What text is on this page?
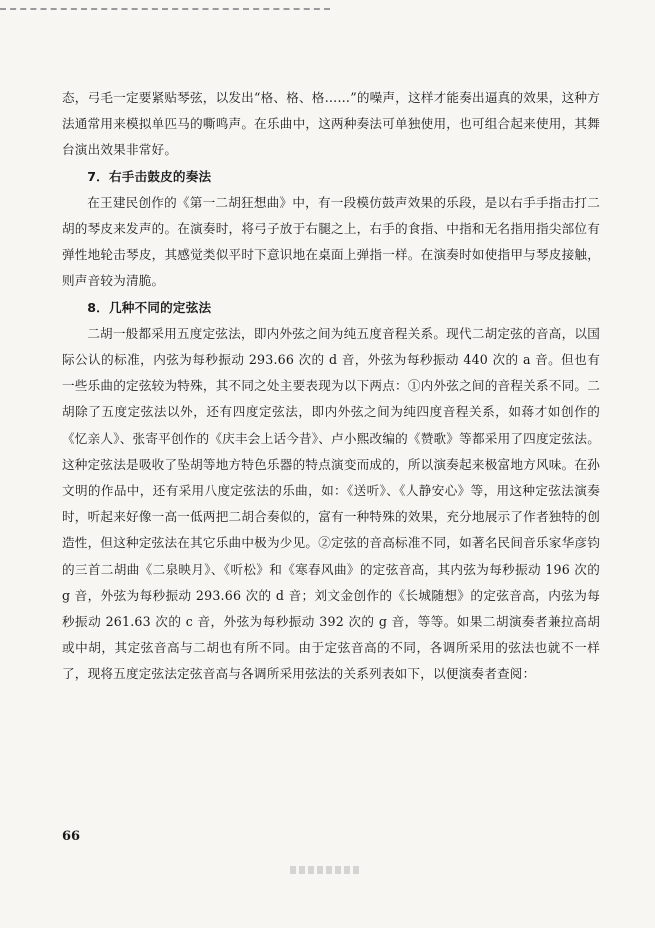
态，弓毛一定要紧贴琴弦，以发出“格、格、格……”的噪声，这样才能奏出逼真的效果，这种方法通常用来模拟单匹马的嘶鸣声。在乐曲中，这两种奏法可单独使用，也可组合起来使用，其舞台演出效果非常好。

7．右手击鼓皮的奏法

在王建民创作的《第一二胡狂想曲》中，有一段模仿鼓声效果的乐段，是以右手手指击打二胡的琴皮来发声的。在演奏时，将弓子放于右腿之上，右手的食指、中指和无名指用指尖部位有弹性地轮击琴皮，其感觉类似平时下意识地在桌面上弹指一样。在演奏时如使指甲与琴皮接触，则声音较为清脆。

8．几种不同的定弦法

二胡一般都采用五度定弦法，即内外弦之间为纯五度音程关系。现代二胡定弦的音高，以国际公认的标准，内弦为每秒振动 293.66 次的 d 音，外弦为每秒振动 440 次的 a 音。但也有一些乐曲的定弦较为特殊，其不同之处主要表现为以下两点：①内外弦之间的音程关系不同。二胡除了五度定弦法以外，还有四度定弦法，即内外弦之间为纯四度音程关系，如蒋才如创作的《忆亲人》、张寄平创作的《庆丰会上话今昔》、卢小熙改编的《赞歌》等都采用了四度定弦法。这种定弦法是吸收了坠胡等地方特色乐器的特点演变而成的，所以演奏起来极富地方风味。在孙文明的作品中，还有采用八度定弦法的乐曲，如：《送听》、《人静安心》等，用这种定弦法演奏时，听起来好像一高一低两把二胡合奏似的，富有一种特殊的效果，充分地展示了作者独特的创造性，但这种定弦法在其它乐曲中极为少见。②定弦的音高标准不同，如著名民间音乐家华彦钧的三首二胡曲《二泉映月》、《听松》和《寒春风曲》的定弦音高，其内弦为每秒振动 196 次的 g 音，外弦为每秒振动 293.66 次的 d 音；刘文金创作的《长城随想》的定弦音高，内弦为每秒振动 261.63 次的 c 音，外弦为每秒振动 392 次的 g 音，等等。如果二胡演奏者兼拉高胡或中胡，其定弦音高与二胡也有所不同。由于定弦音高的不同，各调所采用的弦法也就不一样了，现将五度定弦法定弦音高与各调所采用弦法的关系列表如下，以便演奏者查阅：

66
